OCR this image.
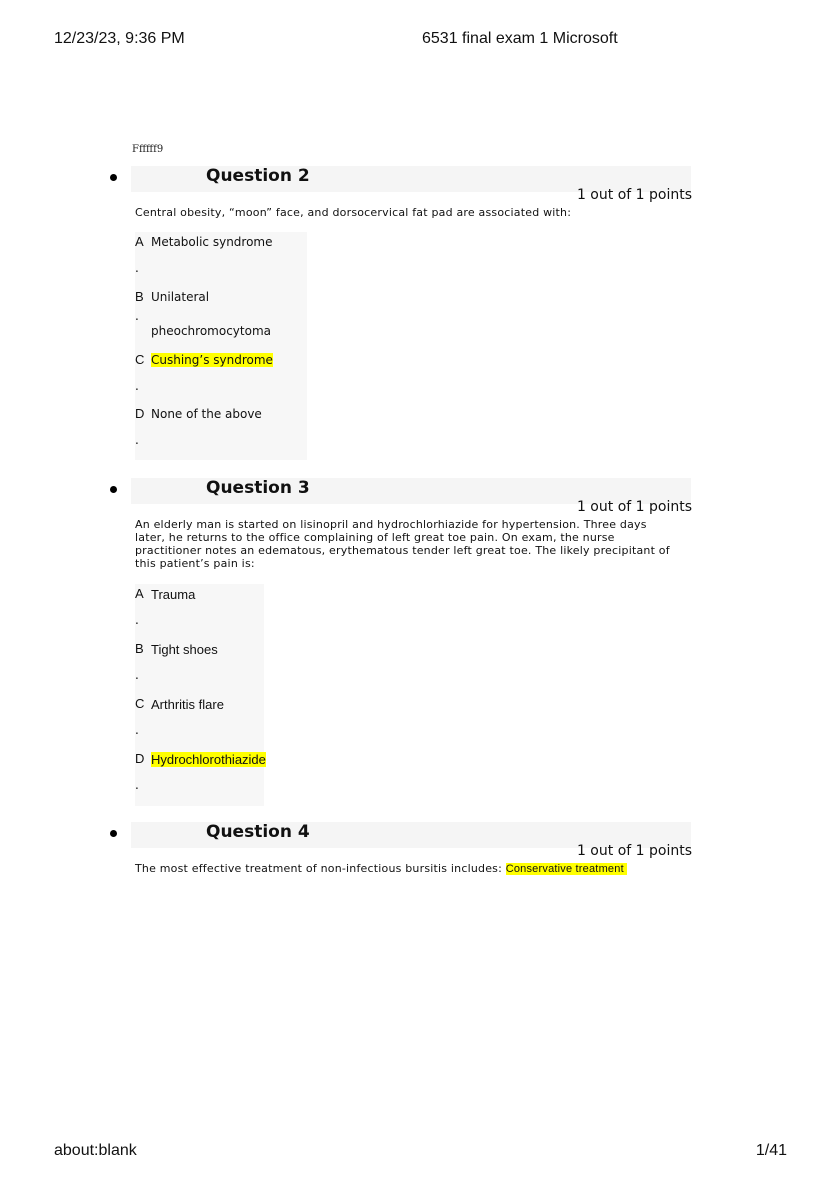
12/23/23, 9:36 PM	6531 final exam 1 Microsoft
Ffffff9
Question 2
1 out of 1 points
Central obesity, “moon” face, and dorsocervical fat pad are associated with:
A Metabolic syndrome
.
B Unilateral
.
pheochromocytoma
C Cushing’s syndrome
.
D None of the above
.
Question 3
1 out of 1 points
An elderly man is started on lisinopril and hydrochlorhiazide for hypertension. Three days later, he returns to the office complaining of left great toe pain. On exam, the nurse practitioner notes an edematous, erythematous tender left great toe. The likely precipitant of this patient’s pain is:
A Trauma
.
B Tight shoes
.
C Arthritis flare
.
D Hydrochlorothiazide
.
Question 4
1 out of 1 points
The most effective treatment of non-infectious bursitis includes: Conservative treatment
about:blank	1/41
